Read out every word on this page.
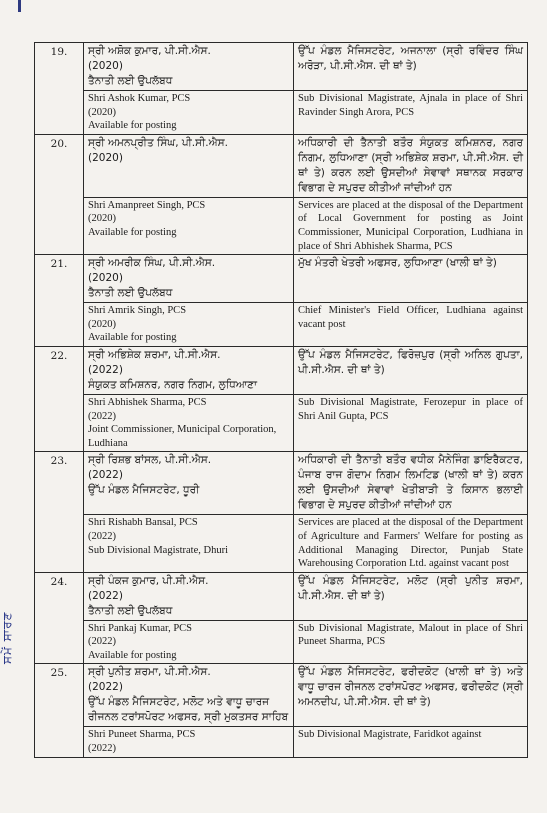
ਸਮੇਂ ਸਾਰਣ
19.	ਸ੍ਰੀ ਅਸ਼ੋਕ ਕੁਮਾਰ, ਪੀ.ਸੀ.ਐਸ.
(2020)
ਤੈਨਾਤੀ ਲਈ ਉਪਲੱਬਧ	ਉੱਪ ਮੰਡਲ ਮੈਜਿਸਟਰੇਟ, ਅਜਨਾਲਾ (ਸ੍ਰੀ ਰਵਿੰਦਰ ਸਿੰਘ ਅਰੋੜਾ, ਪੀ.ਸੀ.ਐਸ. ਦੀ ਥਾਂ ਤੇ)

	Shri Ashok Kumar, PCS
(2020)
Available for posting	Sub Divisional Magistrate, Ajnala in place of Shri Ravinder Singh Arora, PCS

20.	ਸ੍ਰੀ ਅਮਨਪ੍ਰੀਤ ਸਿੰਘ, ਪੀ.ਸੀ.ਐਸ.
(2020)	ਅਧਿਕਾਰੀ ਦੀ ਤੈਨਾਤੀ ਬਤੌਰ ਸੰਯੁਕਤ ਕਮਿਸ਼ਨਰ, ਨਗਰ ਨਿਗਮ, ਲੁਧਿਆਣਾ (ਸ੍ਰੀ ਅਭਿਸ਼ੇਕ ਸ਼ਰਮਾ, ਪੀ.ਸੀ.ਐਸ. ਦੀ ਥਾਂ ਤੇ) ਕਰਨ ਲਈ ਉਸਦੀਆਂ ਸੇਵਾਵਾਂ ਸਥਾਨਕ ਸਰਕਾਰ ਵਿਭਾਗ ਦੇ ਸਪੁਰਦ ਕੀਤੀਆਂ ਜਾਂਦੀਆਂ ਹਨ

	Shri Amanpreet Singh, PCS
(2020)
Available for posting	Services are placed at the disposal of the Department of Local Government for posting as Joint Commissioner, Municipal Corporation, Ludhiana in place of Shri Abhishek Sharma, PCS

21.	ਸ੍ਰੀ ਅਮਰੀਕ ਸਿੰਘ, ਪੀ.ਸੀ.ਐਸ.
(2020)
ਤੈਨਾਤੀ ਲਈ ਉਪਲੱਬਧ	ਮੁੱਖ ਮੰਤਰੀ ਖੇਤਰੀ ਅਫਸਰ, ਲੁਧਿਆਣਾ (ਖਾਲੀ ਥਾਂ ਤੇ)

	Shri Amrik Singh, PCS
(2020)
Available for posting	Chief Minister's Field Officer, Ludhiana against vacant post

22.	ਸ੍ਰੀ ਅਭਿਸ਼ੇਕ ਸ਼ਰਮਾ, ਪੀ.ਸੀ.ਐਸ.
(2022)
ਸੰਯੁਕਤ ਕਮਿਸ਼ਨਰ, ਨਗਰ ਨਿਗਮ, ਲੁਧਿਆਣਾ	ਉੱਪ ਮੰਡਲ ਮੈਜਿਸਟਰੇਟ, ਫਿਰੋਜ਼ਪੁਰ (ਸ੍ਰੀ ਅਨਿਲ ਗੁਪਤਾ, ਪੀ.ਸੀ.ਐਸ. ਦੀ ਥਾਂ ਤੇ)

	Shri Abhishek Sharma, PCS
(2022)
Joint Commissioner, Municipal Corporation, Ludhiana	Sub Divisional Magistrate, Ferozepur in place of Shri Anil Gupta, PCS

23.	ਸ੍ਰੀ ਰਿਸ਼ਭ ਬਾਂਸਲ, ਪੀ.ਸੀ.ਐਸ.
(2022)
ਉੱਪ ਮੰਡਲ ਮੈਜਿਸਟਰੇਟ, ਧੂਰੀ	ਅਧਿਕਾਰੀ ਦੀ ਤੈਨਾਤੀ ਬਤੌਰ ਵਧੀਕ ਮੈਨੇਜਿੰਗ ਡਾਇਰੈਕਟਰ, ਪੰਜਾਬ ਰਾਜ ਗੋਦਾਮ ਨਿਗਮ ਲਿਮਟਿਡ (ਖਾਲੀ ਥਾਂ ਤੇ) ਕਰਨ ਲਈ ਉਸਦੀਆਂ ਸੇਵਾਵਾਂ ਖੇਤੀਬਾੜੀ ਤੇ ਕਿਸਾਨ ਭਲਾਈ ਵਿਭਾਗ ਦੇ ਸਪੁਰਦ ਕੀਤੀਆਂ ਜਾਂਦੀਆਂ ਹਨ

	Shri Rishabh Bansal, PCS
(2022)
Sub Divisional Magistrate, Dhuri	Services are placed at the disposal of the Department of Agriculture and Farmers' Welfare for posting as Additional Managing Director, Punjab State Warehousing Corporation Ltd. against vacant post

24.	ਸ੍ਰੀ ਪੰਕਜ ਕੁਮਾਰ, ਪੀ.ਸੀ.ਐਸ.
(2022)
ਤੈਨਾਤੀ ਲਈ ਉਪਲੱਬਧ	ਉੱਪ ਮੰਡਲ ਮੈਜਿਸਟਰੇਟ, ਮਲੋਟ (ਸ੍ਰੀ ਪੁਨੀਤ ਸ਼ਰਮਾ, ਪੀ.ਸੀ.ਐਸ. ਦੀ ਥਾਂ ਤੇ)

	Shri Pankaj Kumar, PCS
(2022)
Available for posting	Sub Divisional Magistrate, Malout in place of Shri Puneet Sharma, PCS

25.	ਸ੍ਰੀ ਪੁਨੀਤ ਸ਼ਰਮਾ, ਪੀ.ਸੀ.ਐਸ.
(2022)
ਉੱਪ ਮੰਡਲ ਮੈਜਿਸਟਰੇਟ, ਮਲੋਟ ਅਤੇ ਵਾਧੂ ਚਾਰਜ ਰੀਜਨਲ ਟਰਾਂਸਪੋਰਟ ਅਫਸਰ, ਸ੍ਰੀ ਮੁਕਤਸਰ ਸਾਹਿਬ	ਉੱਪ ਮੰਡਲ ਮੈਜਿਸਟਰੇਟ, ਫਰੀਦਕੋਟ (ਖਾਲੀ ਥਾਂ ਤੇ) ਅਤੇ ਵਾਧੂ ਚਾਰਜ ਰੀਜਨਲ ਟਰਾਂਸਪੋਰਟ ਅਫਸਰ, ਫਰੀਦਕੋਟ (ਸ੍ਰੀ ਅਮਨਦੀਪ, ਪੀ.ਸੀ.ਐਸ. ਦੀ ਥਾਂ ਤੇ)

	Shri Puneet Sharma, PCS
(2022)	Sub Divisional Magistrate, Faridkot against
